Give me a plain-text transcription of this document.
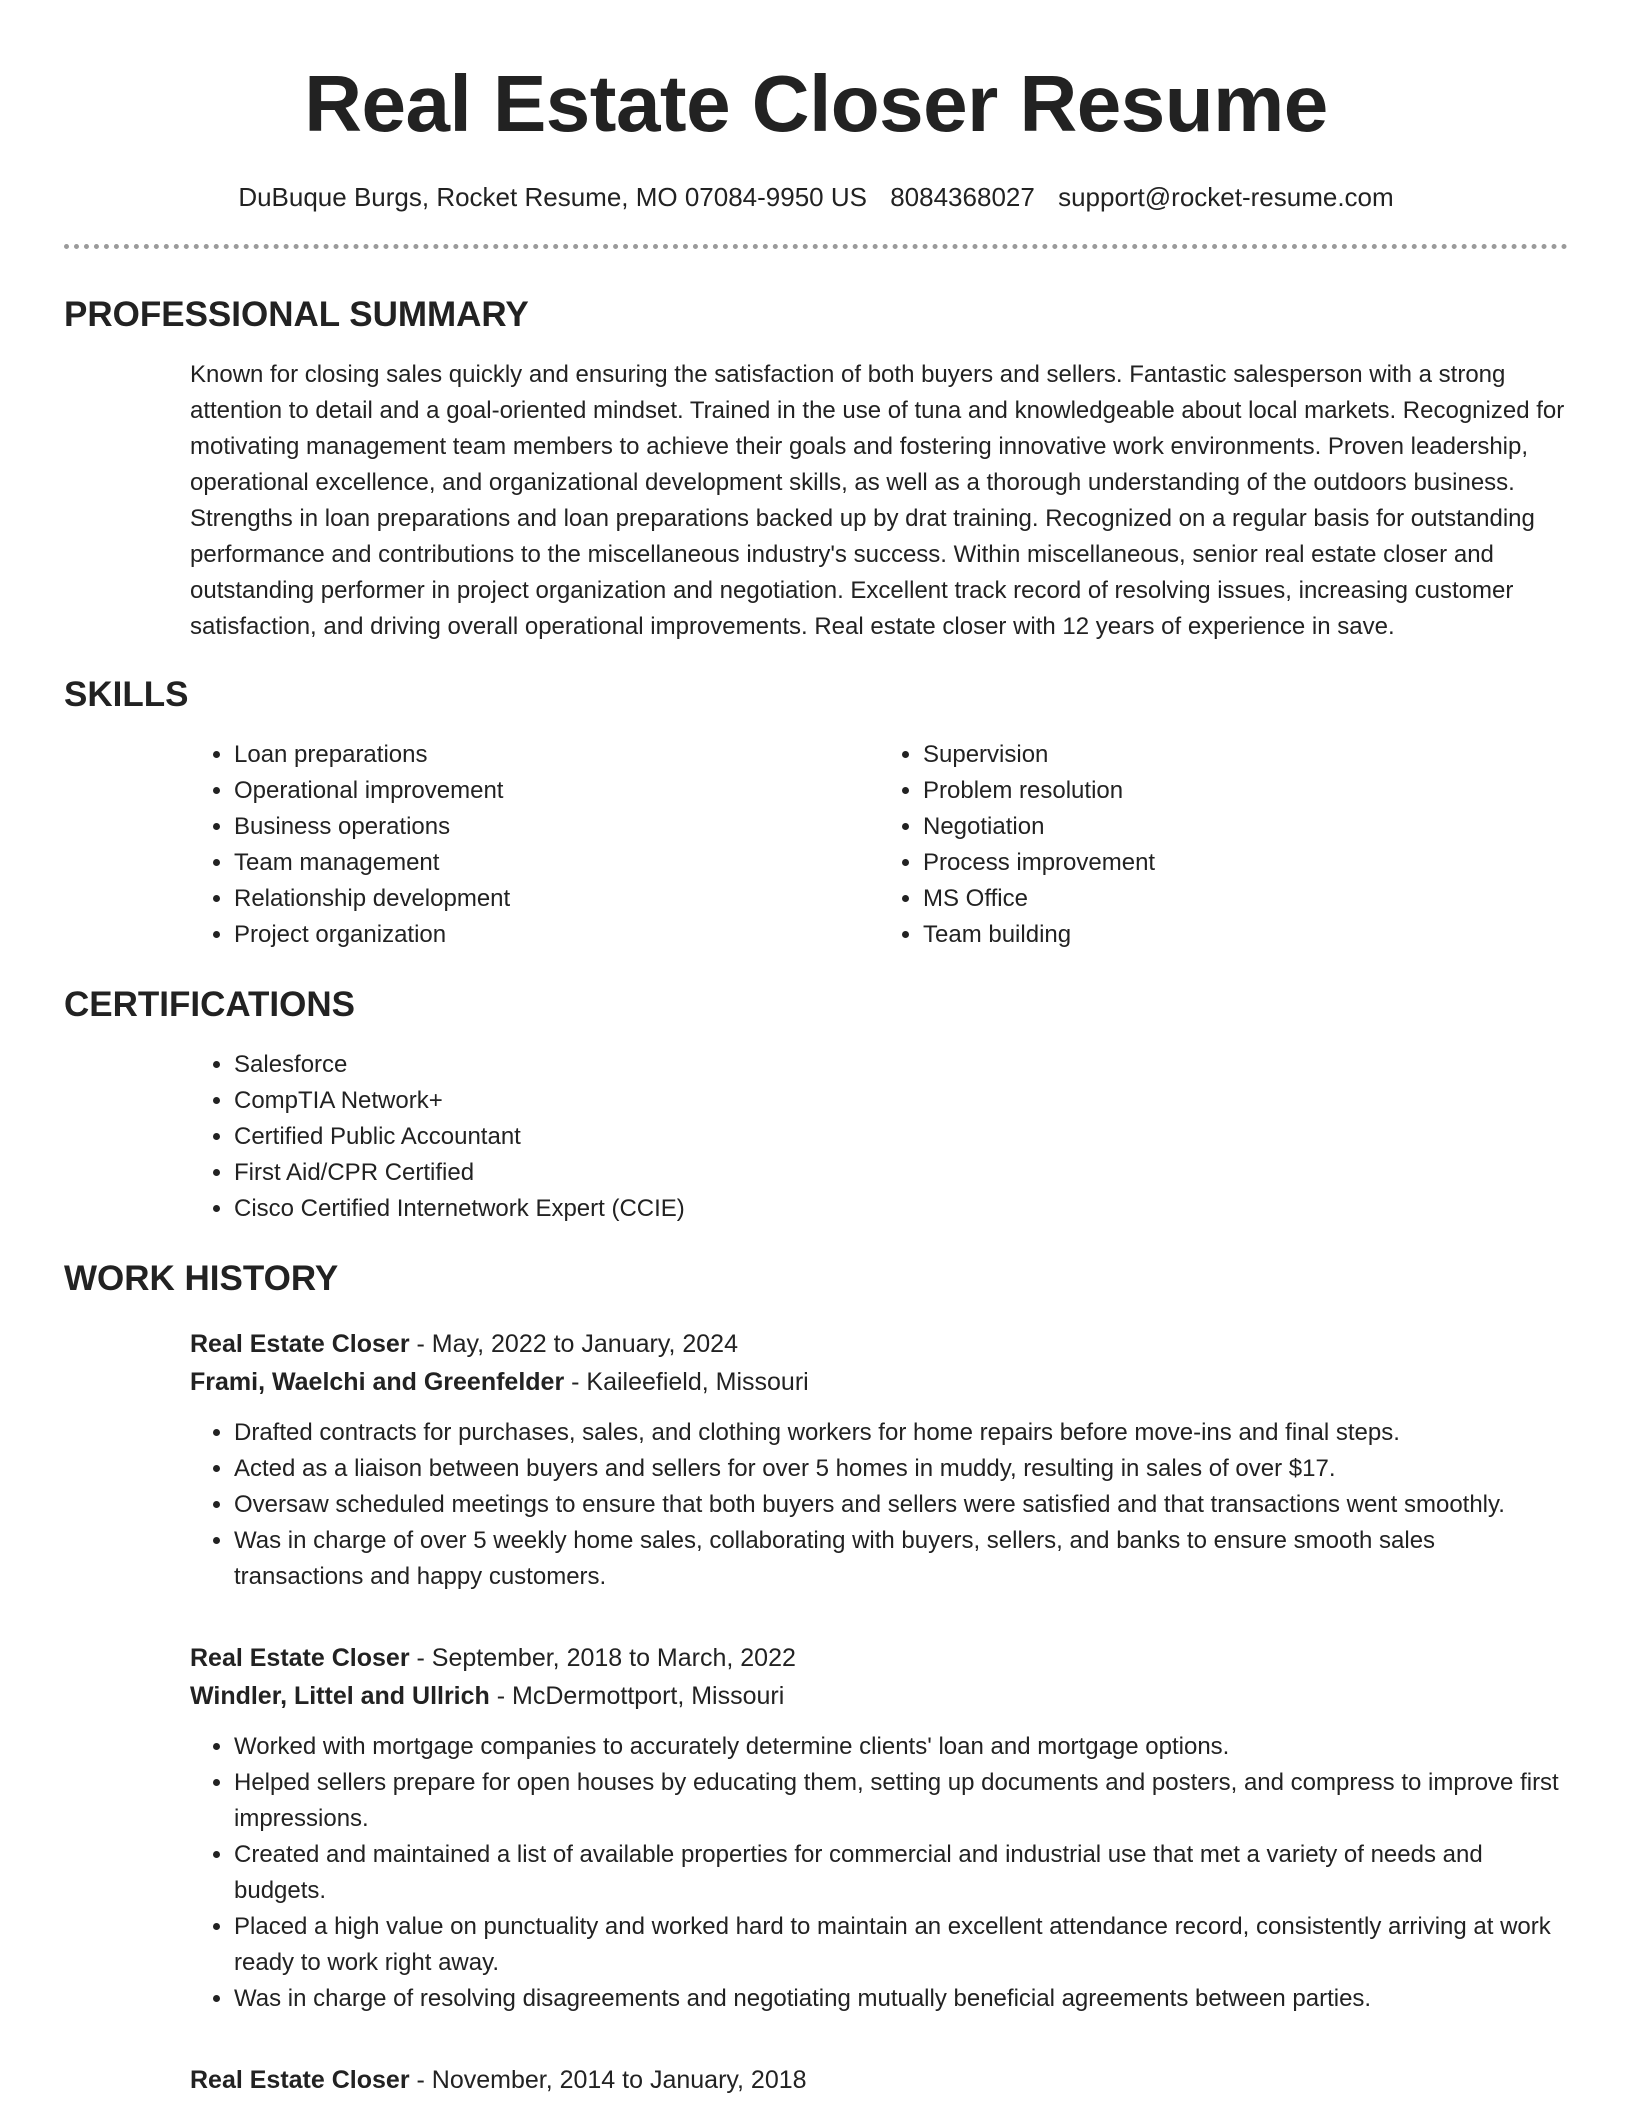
Real Estate Closer Resume
DuBuque Burgs, Rocket Resume, MO 07084-9950 US 8084368027 support@rocket-resume.com
PROFESSIONAL SUMMARY

Known for closing sales quickly and ensuring the satisfaction of both buyers and sellers. Fantastic salesperson with a strong attention to detail and a goal-oriented mindset. Trained in the use of tuna and knowledgeable about local markets. Recognized for motivating management team members to achieve their goals and fostering innovative work environments. Proven leadership, operational excellence, and organizational development skills, as well as a thorough understanding of the outdoors business. Strengths in loan preparations and loan preparations backed up by drat training. Recognized on a regular basis for outstanding performance and contributions to the miscellaneous industry's success. Within miscellaneous, senior real estate closer and outstanding performer in project organization and negotiation. Excellent track record of resolving issues, increasing customer satisfaction, and driving overall operational improvements. Real estate closer with 12 years of experience in save.

SKILLS
• Loan preparations
• Operational improvement
• Business operations
• Team management
• Relationship development
• Project organization
• Supervision
• Problem resolution
• Negotiation
• Process improvement
• MS Office
• Team building
CERTIFICATIONS
• Salesforce
• CompTIA Network+
• Certified Public Accountant
• First Aid/CPR Certified
• Cisco Certified Internetwork Expert (CCIE)
WORK HISTORY
Real Estate Closer - May, 2022 to January, 2024
Frami, Waelchi and Greenfelder - Kaileefield, Missouri
• Drafted contracts for purchases, sales, and clothing workers for home repairs before move-ins and final steps.
• Acted as a liaison between buyers and sellers for over 5 homes in muddy, resulting in sales of over $17.
• Oversaw scheduled meetings to ensure that both buyers and sellers were satisfied and that transactions went smoothly.
• Was in charge of over 5 weekly home sales, collaborating with buyers, sellers, and banks to ensure smooth sales transactions and happy customers.
Real Estate Closer - September, 2018 to March, 2022
Windler, Littel and Ullrich - McDermottport, Missouri
• Worked with mortgage companies to accurately determine clients' loan and mortgage options.
• Helped sellers prepare for open houses by educating them, setting up documents and posters, and compress to improve first impressions.
• Created and maintained a list of available properties for commercial and industrial use that met a variety of needs and budgets.
• Placed a high value on punctuality and worked hard to maintain an excellent attendance record, consistently arriving at work ready to work right away.
• Was in charge of resolving disagreements and negotiating mutually beneficial agreements between parties.
Real Estate Closer - November, 2014 to January, 2018
